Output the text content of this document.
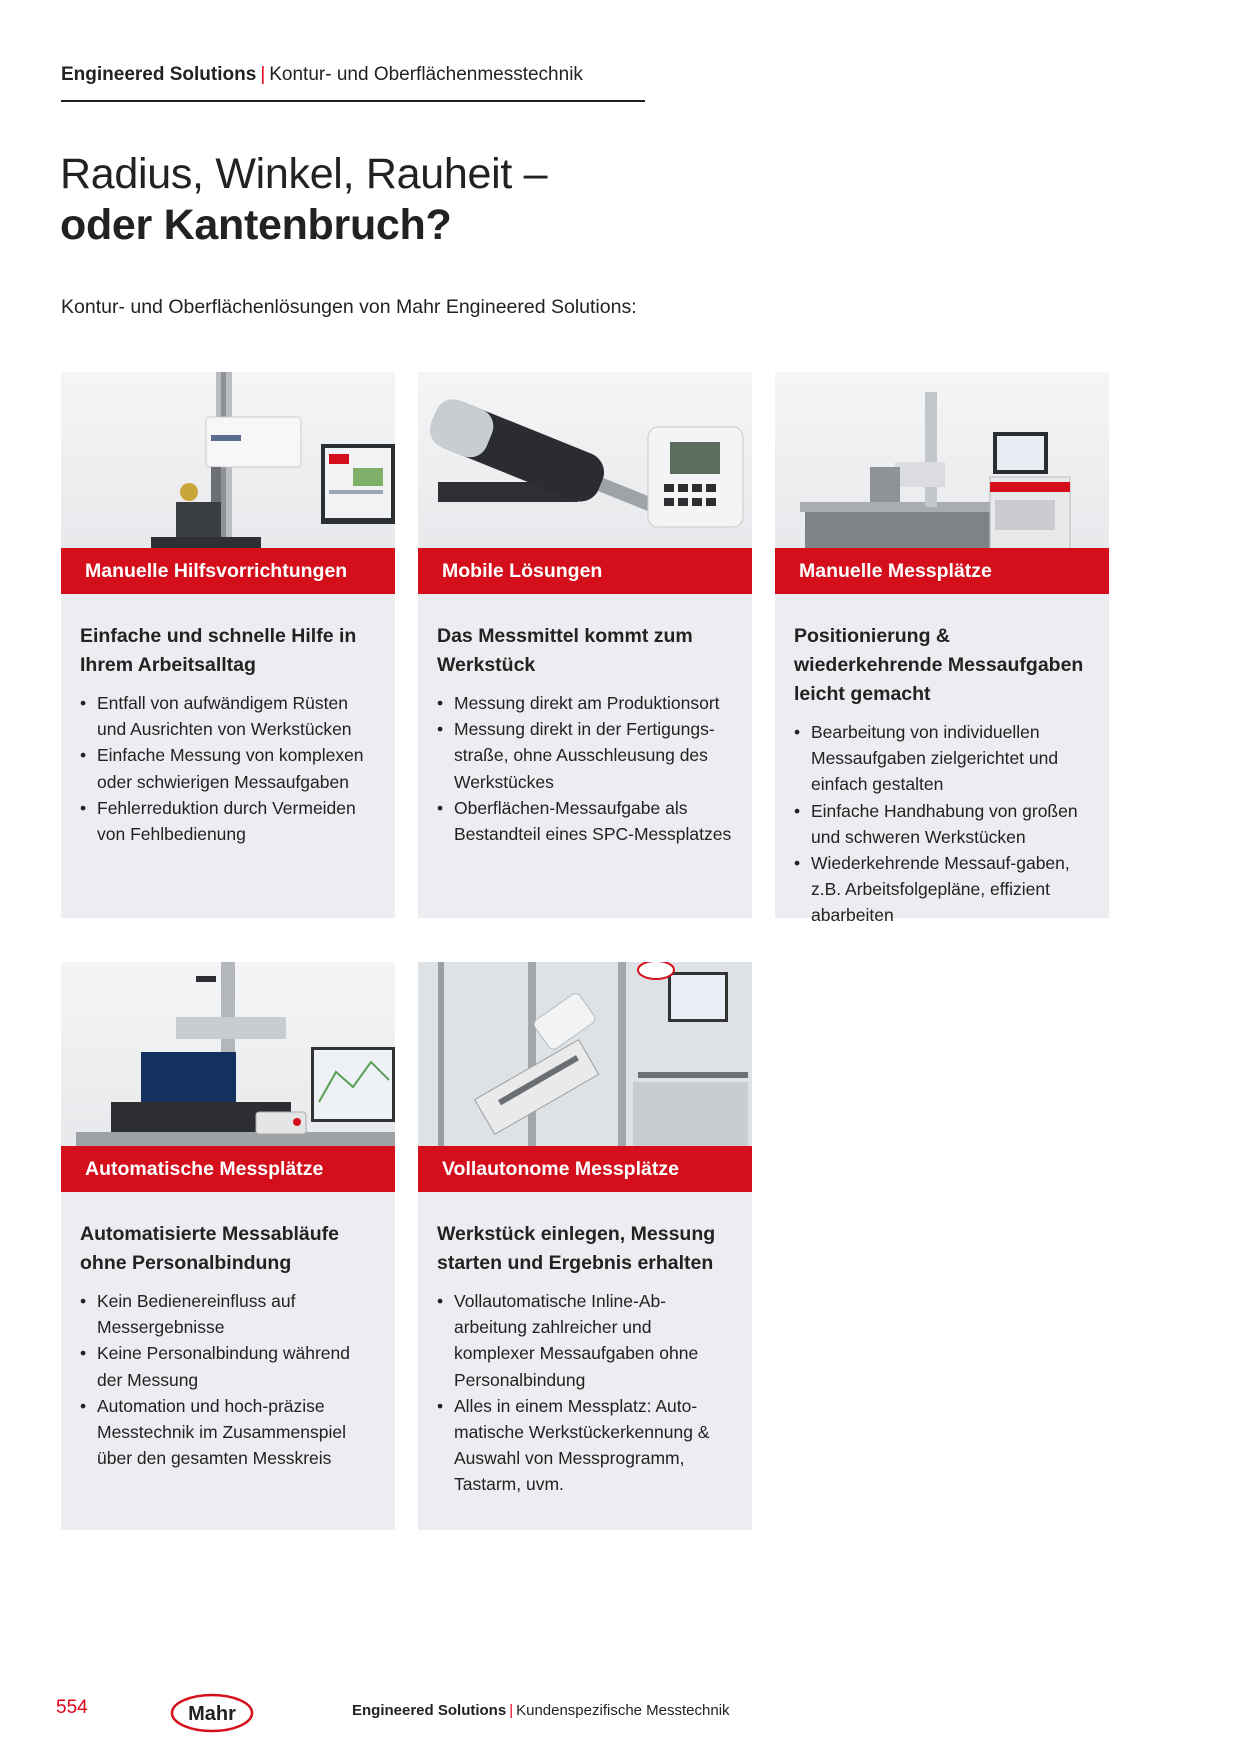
Engineered Solutions | Kontur- und Oberflächenmesstechnik
Radius, Winkel, Rauheit –
oder Kantenbruch?
Kontur- und Oberflächenlösungen von Mahr Engineered Solutions:
Manuelle Hilfsvorrichtungen
Einfache und schnelle Hilfe in Ihrem Arbeitsalltag
• Entfall von aufwändigem Rüsten und Ausrichten von Werkstücken
• Einfache Messung von komplexen oder schwierigen Messaufgaben
• Fehlerreduktion durch Vermeiden von Fehlbedienung
Mobile Lösungen
Das Messmittel kommt zum Werkstück
• Messung direkt am Produktionsort
• Messung direkt in der Fertigungs-straße, ohne Ausschleusung des Werkstückes
• Oberflächen-Messaufgabe als Bestandteil eines SPC-Messplatzes
Manuelle Messplätze
Positionierung & wiederkehrende Messaufgaben leicht gemacht
• Bearbeitung von individuellen Messaufgaben zielgerichtet und einfach gestalten
• Einfache Handhabung von großen und schweren Werkstücken
• Wiederkehrende Messauf-gaben, z.B. Arbeitsfolgepläne, effizient abarbeiten
Automatische Messplätze
Automatisierte Messabläufe ohne Personalbindung
• Kein Bedienereinfluss auf Messergebnisse
• Keine Personalbindung während der Messung
• Automation und hoch-präzise Messtechnik im Zusammenspiel über den gesamten Messkreis
Vollautonome Messplätze
Werkstück einlegen, Messung starten und Ergebnis erhalten
• Vollautomatische Inline-Ab-arbeitung zahlreicher und komplexer Messaufgaben ohne Personalbindung
• Alles in einem Messplatz: Auto-matische Werkstückerkennung & Auswahl von Messprogramm, Tastarm, uvm.
554	Mahr	Engineered Solutions | Kundenspezifische Messtechnik
